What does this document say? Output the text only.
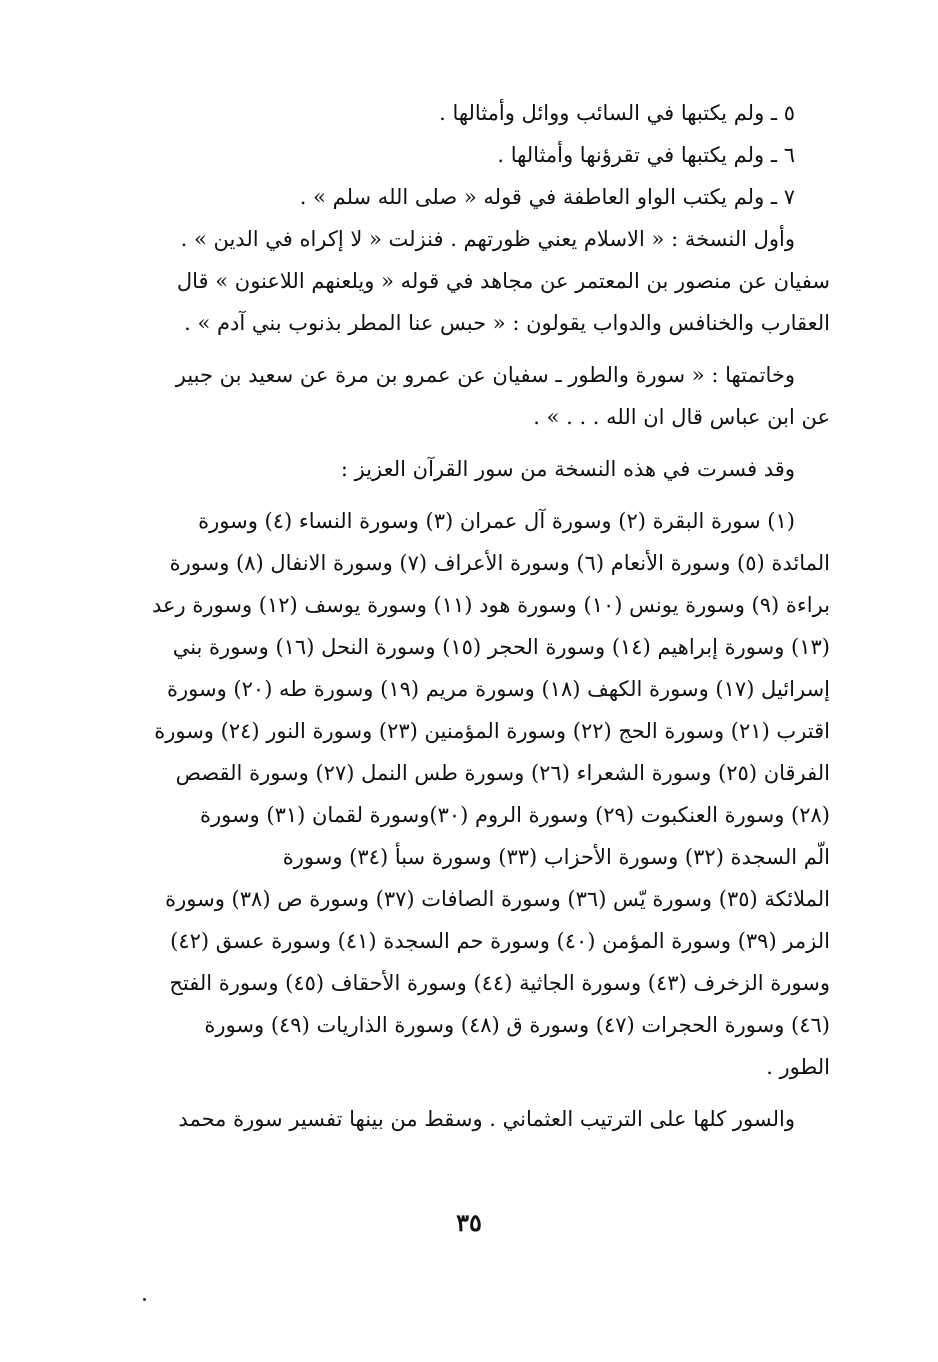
٥ ـ ولم يكتبها في السائب ووائل وأمثالها .

٦ ـ ولم يكتبها في تقرؤنها وأمثالها .

٧ ـ ولم يكتب الواو العاطفة في قوله « صلى الله سلم » .

وأول النسخة : « الاسلام يعني ظورتهم . فنزلت « لا إكراه في الدين » .

سفيان عن منصور بن المعتمر عن مجاهد في قوله « ويلعنهم اللاعنون » قال

العقارب والخنافس والدواب يقولون : « حبس عنا المطر بذنوب بني آدم » .

وخاتمتها : « سورة والطور ـ سفيان عن عمرو بن مرة عن سعيد بن جبير

عن ابن عباس قال ان الله . . . » .

وقد فسرت في هذه النسخة من سور القرآن العزيز :

(١) سورة البقرة (٢) وسورة آل عمران (٣) وسورة النساء (٤) وسورة

المائدة (٥) وسورة الأنعام (٦) وسورة الأعراف (٧) وسورة الانفال (٨) وسورة

براءة (٩) وسورة يونس (١٠) وسورة هود (١١) وسورة يوسف (١٢) وسورة رعد

(١٣) وسورة إبراهيم (١٤) وسورة الحجر (١٥) وسورة النحل (١٦) وسورة بني

إسرائيل (١٧) وسورة الكهف (١٨) وسورة مريم (١٩) وسورة طه (٢٠) وسورة

اقترب (٢١) وسورة الحج (٢٢) وسورة المؤمنين (٢٣) وسورة النور (٢٤) وسورة

الفرقان (٢٥) وسورة الشعراء (٢٦) وسورة طس النمل (٢٧) وسورة القصص

(٢٨) وسورة العنكبوت (٢٩) وسورة الروم (٣٠)وسورة لقمان (٣١) وسورة

الّم السجدة (٣٢) وسورة الأحزاب (٣٣) وسورة سبأ (٣٤) وسورة

الملائكة (٣٥) وسورة يّس (٣٦) وسورة الصافات (٣٧) وسورة ص (٣٨) وسورة

الزمر (٣٩) وسورة المؤمن (٤٠) وسورة حم السجدة (٤١) وسورة عسق (٤٢)

وسورة الزخرف (٤٣) وسورة الجاثية (٤٤) وسورة الأحقاف (٤٥) وسورة الفتح

(٤٦) وسورة الحجرات (٤٧) وسورة ق (٤٨) وسورة الذاريات (٤٩) وسورة

الطور .

والسور كلها على الترتيب العثماني . وسقط من بينها تفسير سورة محمد

٣٥
